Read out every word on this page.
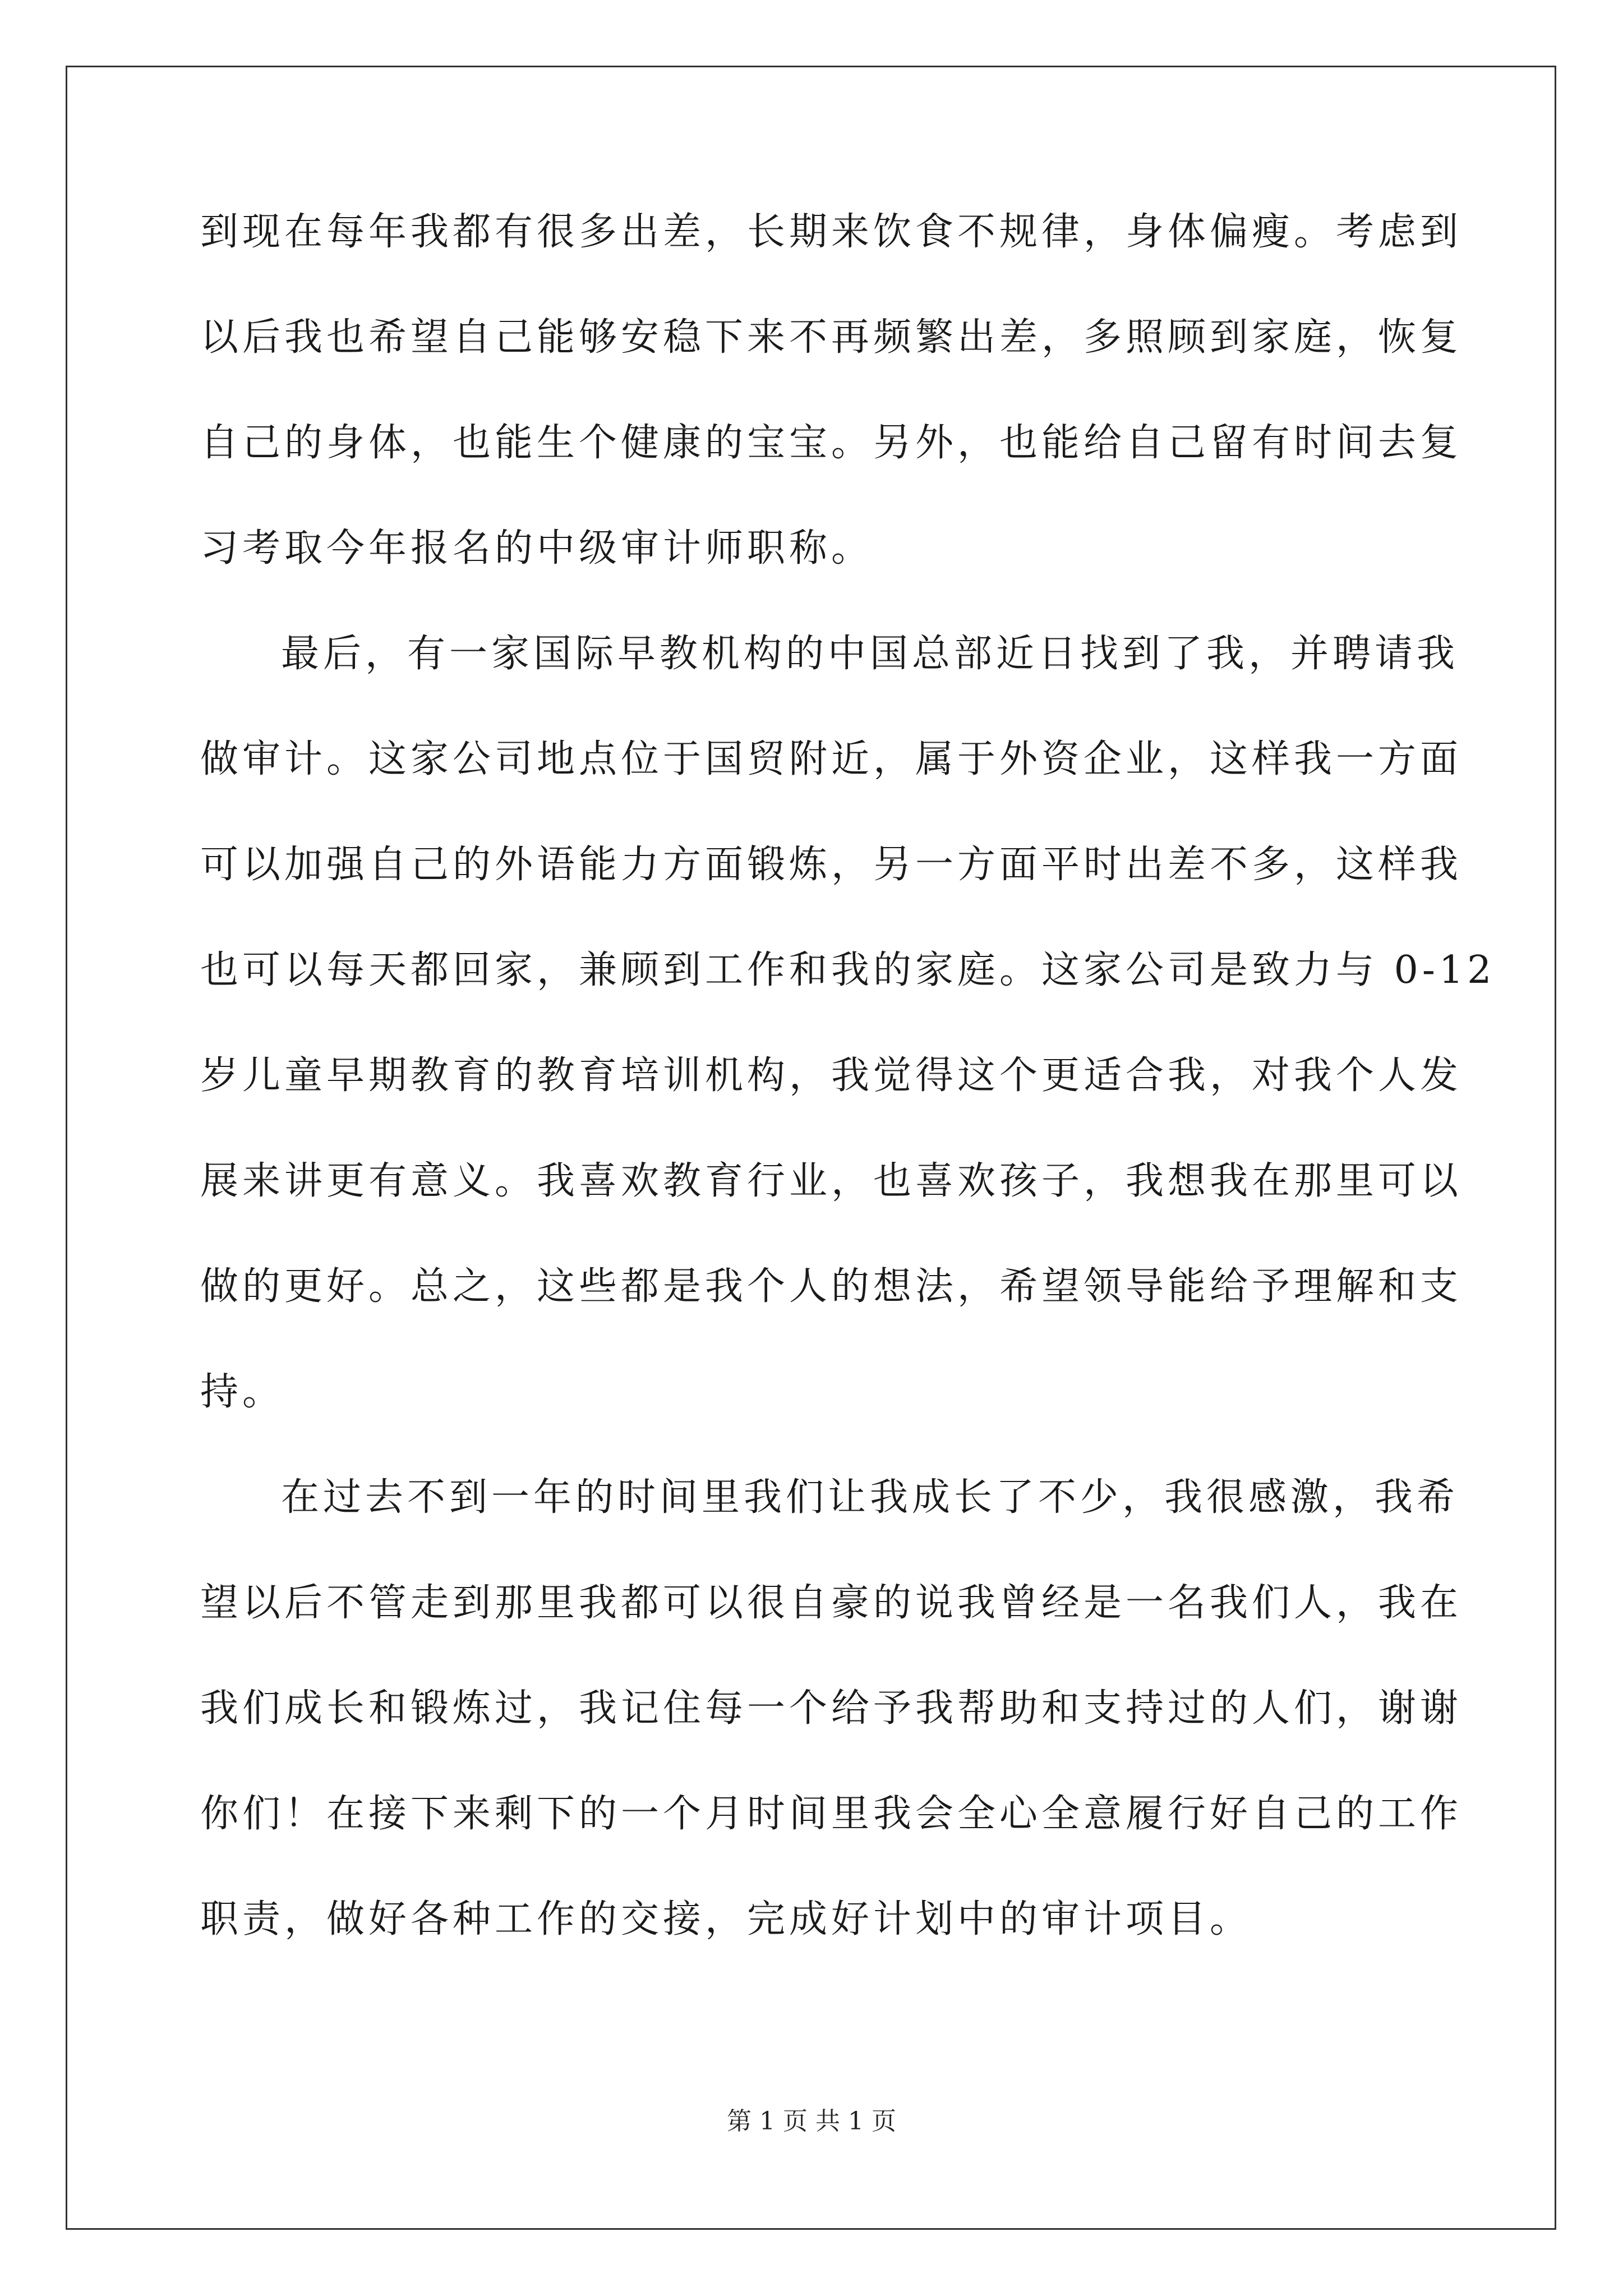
到现在每年我都有很多出差，长期来饮食不规律，身体偏瘦。考虑到
以后我也希望自己能够安稳下来不再频繁出差，多照顾到家庭，恢复
自己的身体，也能生个健康的宝宝。另外，也能给自己留有时间去复
习考取今年报名的中级审计师职称。
最后，有一家国际早教机构的中国总部近日找到了我，并聘请我
做审计。这家公司地点位于国贸附近，属于外资企业，这样我一方面
可以加强自己的外语能力方面锻炼，另一方面平时出差不多，这样我
也可以每天都回家，兼顾到工作和我的家庭。这家公司是致力与 0-12
岁儿童早期教育的教育培训机构，我觉得这个更适合我，对我个人发
展来讲更有意义。我喜欢教育行业，也喜欢孩子，我想我在那里可以
做的更好。总之，这些都是我个人的想法，希望领导能给予理解和支
持。
在过去不到一年的时间里我们让我成长了不少，我很感激，我希
望以后不管走到那里我都可以很自豪的说我曾经是一名我们人，我在
我们成长和锻炼过，我记住每一个给予我帮助和支持过的人们，谢谢
你们！在接下来剩下的一个月时间里我会全心全意履行好自己的工作
职责，做好各种工作的交接，完成好计划中的审计项目。
第 1 页 共 1 页
